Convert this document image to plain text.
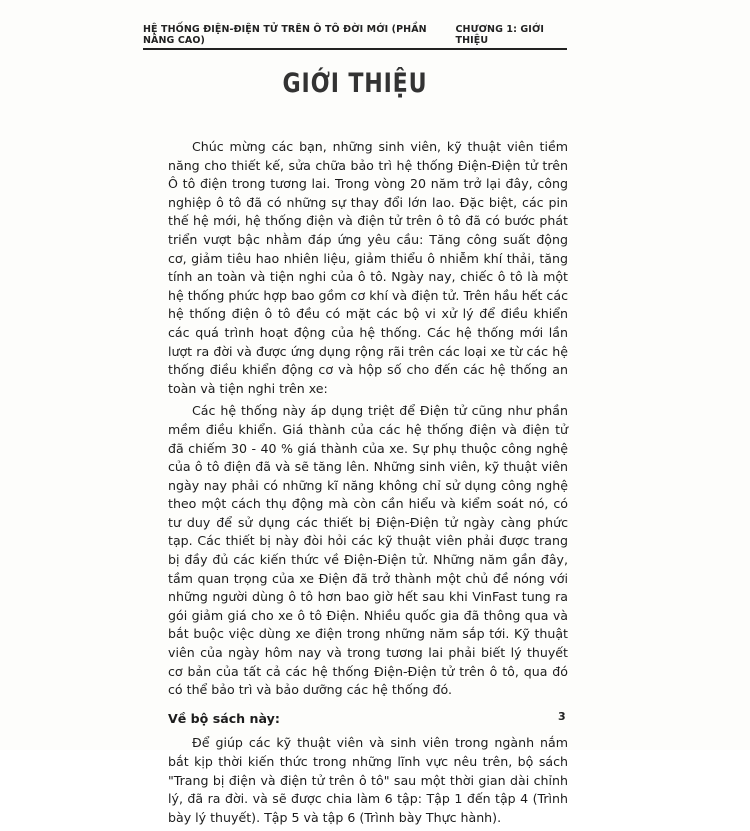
HỆ THỐNG ĐIỆN-ĐIỆN TỬ TRÊN Ô TÔ ĐỜI MỚI (PHẦN NÂNG CAO)
CHƯƠNG 1: GIỚI THIỆU
GIỚI THIỆU

Chúc mừng các bạn, những sinh viên, kỹ thuật viên tiềm năng cho thiết kế, sửa chữa bảo trì hệ thống Điện-Điện tử trên Ô tô điện trong tương lai. Trong vòng 20 năm trở lại đây, công nghiệp ô tô đã có những sự thay đổi lớn lao. Đặc biệt, các pin thế hệ mới, hệ thống điện và điện tử trên ô tô đã có bước phát triển vượt bậc nhằm đáp ứng yêu cầu: Tăng công suất động cơ, giảm tiêu hao nhiên liệu, giảm thiểu ô nhiễm khí thải, tăng tính an toàn và tiện nghi của ô tô. Ngày nay, chiếc ô tô là một hệ thống phức hợp bao gồm cơ khí và điện tử. Trên hầu hết các hệ thống điện ô tô đều có mặt các bộ vi xử lý để điều khiển các quá trình hoạt động của hệ thống. Các hệ thống mới lần lượt ra đời và được ứng dụng rộng rãi trên các loại xe từ các hệ thống điều khiển động cơ và hộp số cho đến các hệ thống an toàn và tiện nghi trên xe:

Các hệ thống này áp dụng triệt để Điện tử cũng như phần mềm điều khiển. Giá thành của các hệ thống điện và điện tử đã chiếm 30 - 40 % giá thành của xe. Sự phụ thuộc công nghệ của ô tô điện đã và sẽ tăng lên. Những sinh viên, kỹ thuật viên ngày nay phải có những kĩ năng không chỉ sử dụng công nghệ theo một cách thụ động mà còn cần hiểu và kiểm soát nó, có tư duy để sử dụng các thiết bị Điện-Điện tử ngày càng phức tạp. Các thiết bị này đòi hỏi các kỹ thuật viên phải được trang bị đầy đủ các kiến thức về Điện-Điện tử. Những năm gần đây, tầm quan trọng của xe Điện đã trở thành một chủ đề nóng với những người dùng ô tô hơn bao giờ hết sau khi VinFast tung ra gói giảm giá cho xe ô tô Điện. Nhiều quốc gia đã thông qua và bắt buộc việc dùng xe điện trong những năm sắp tới. Kỹ thuật viên của ngày hôm nay và trong tương lai phải biết lý thuyết cơ bản của tất cả các hệ thống Điện-Điện tử trên ô tô, qua đó có thể bảo trì và bảo dưỡng các hệ thống đó.

Về bộ sách này:

Để giúp các kỹ thuật viên và sinh viên trong ngành nắm bắt kịp thời kiến thức trong những lĩnh vực nêu trên, bộ sách "Trang bị điện và điện tử trên ô tô" sau một thời gian dài chỉnh lý, đã ra đời. và sẽ được chia làm 6 tập: Tập 1 đến tập 4 (Trình bày lý thuyết). Tập 5 và tập 6 (Trình bày Thực hành).

3
